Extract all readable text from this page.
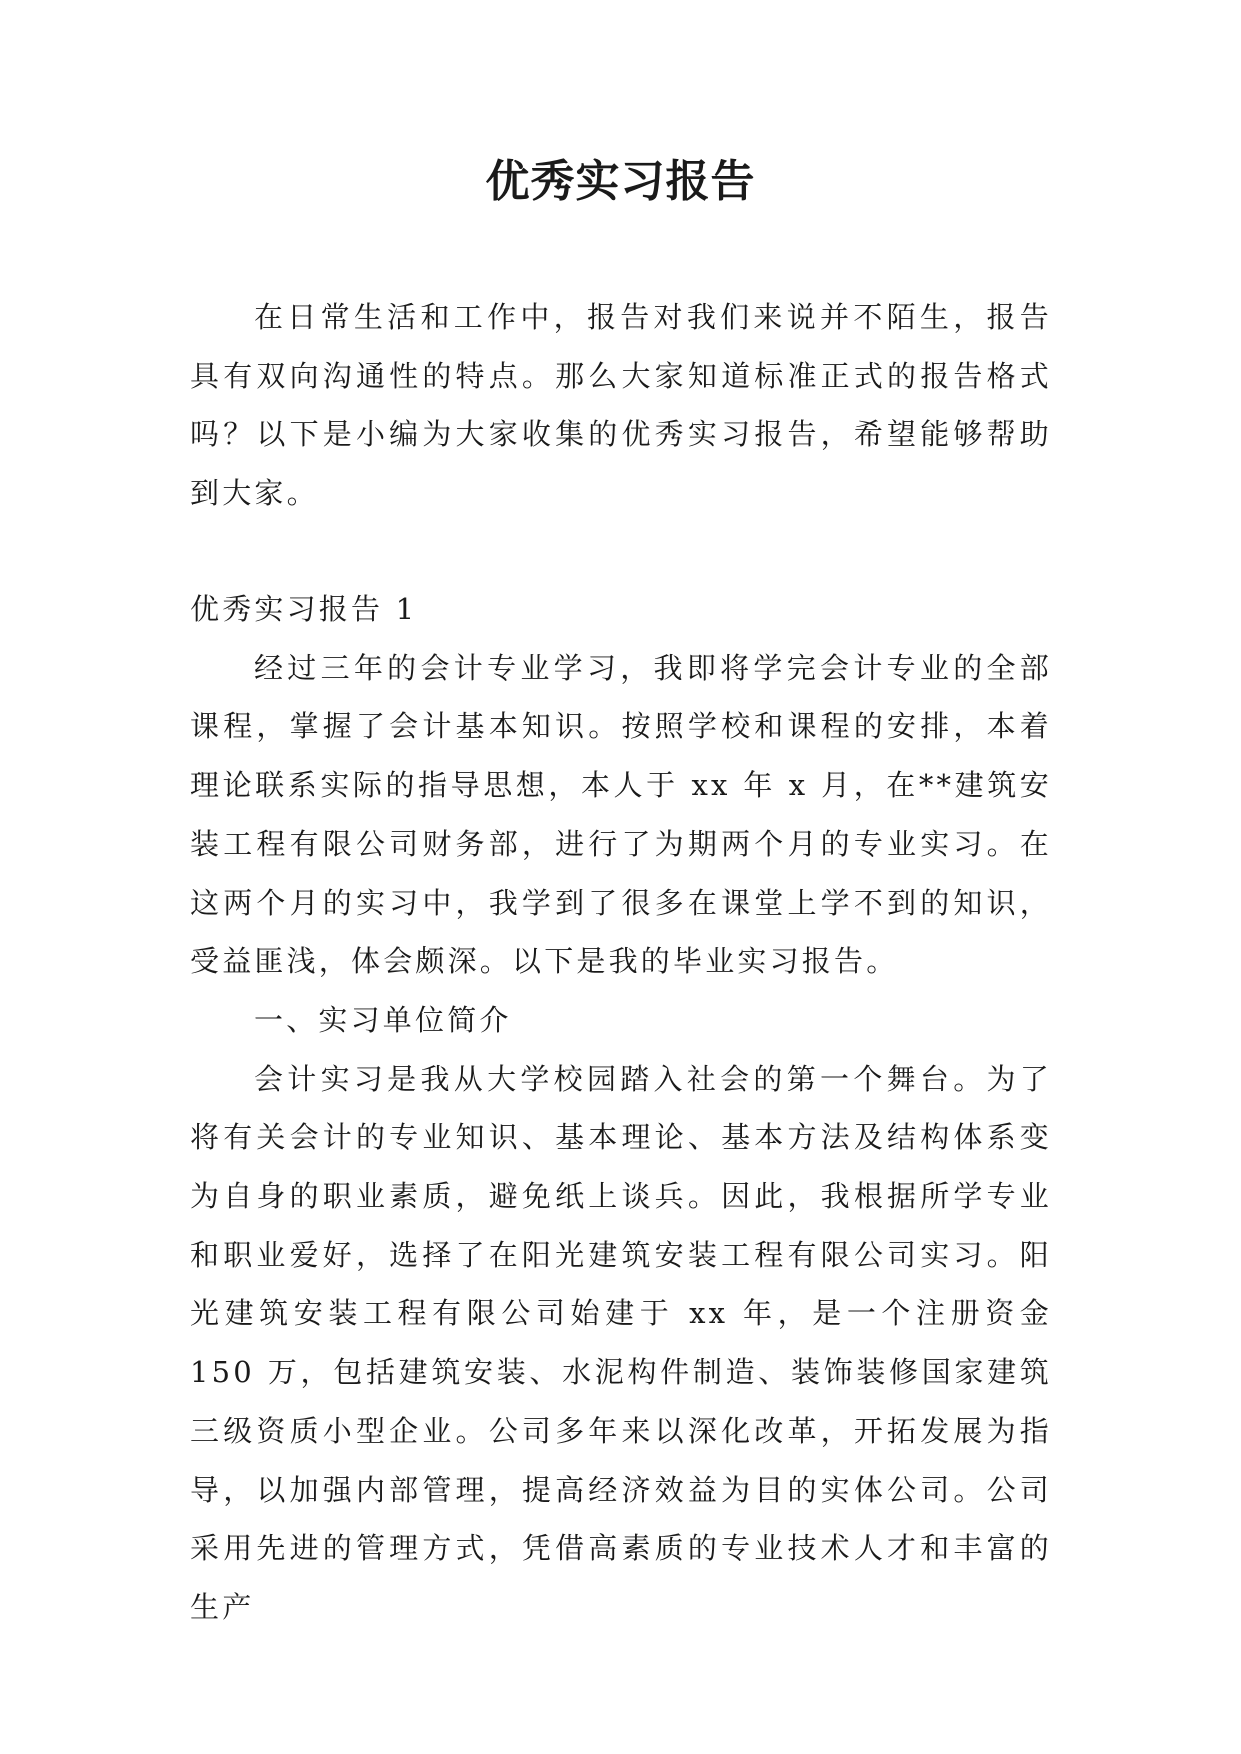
优秀实习报告

在日常生活和工作中，报告对我们来说并不陌生，报告具有双向沟通性的特点。那么大家知道标准正式的报告格式吗？以下是小编为大家收集的优秀实习报告，希望能够帮助到大家。

优秀实习报告 1

经过三年的会计专业学习，我即将学完会计专业的全部课程，掌握了会计基本知识。按照学校和课程的安排，本着理论联系实际的指导思想，本人于 xx 年 x 月，在**建筑安装工程有限公司财务部，进行了为期两个月的专业实习。在这两个月的实习中，我学到了很多在课堂上学不到的知识，受益匪浅，体会颇深。以下是我的毕业实习报告。

一、实习单位简介

会计实习是我从大学校园踏入社会的第一个舞台。为了将有关会计的专业知识、基本理论、基本方法及结构体系变为自身的职业素质，避免纸上谈兵。因此，我根据所学专业和职业爱好，选择了在阳光建筑安装工程有限公司实习。阳光建筑安装工程有限公司始建于 xx 年，是一个注册资金 150 万，包括建筑安装、水泥构件制造、装饰装修国家建筑三级资质小型企业。公司多年来以深化改革，开拓发展为指导，以加强内部管理，提高经济效益为目的实体公司。公司采用先进的管理方式，凭借高素质的专业技术人才和丰富的生产
